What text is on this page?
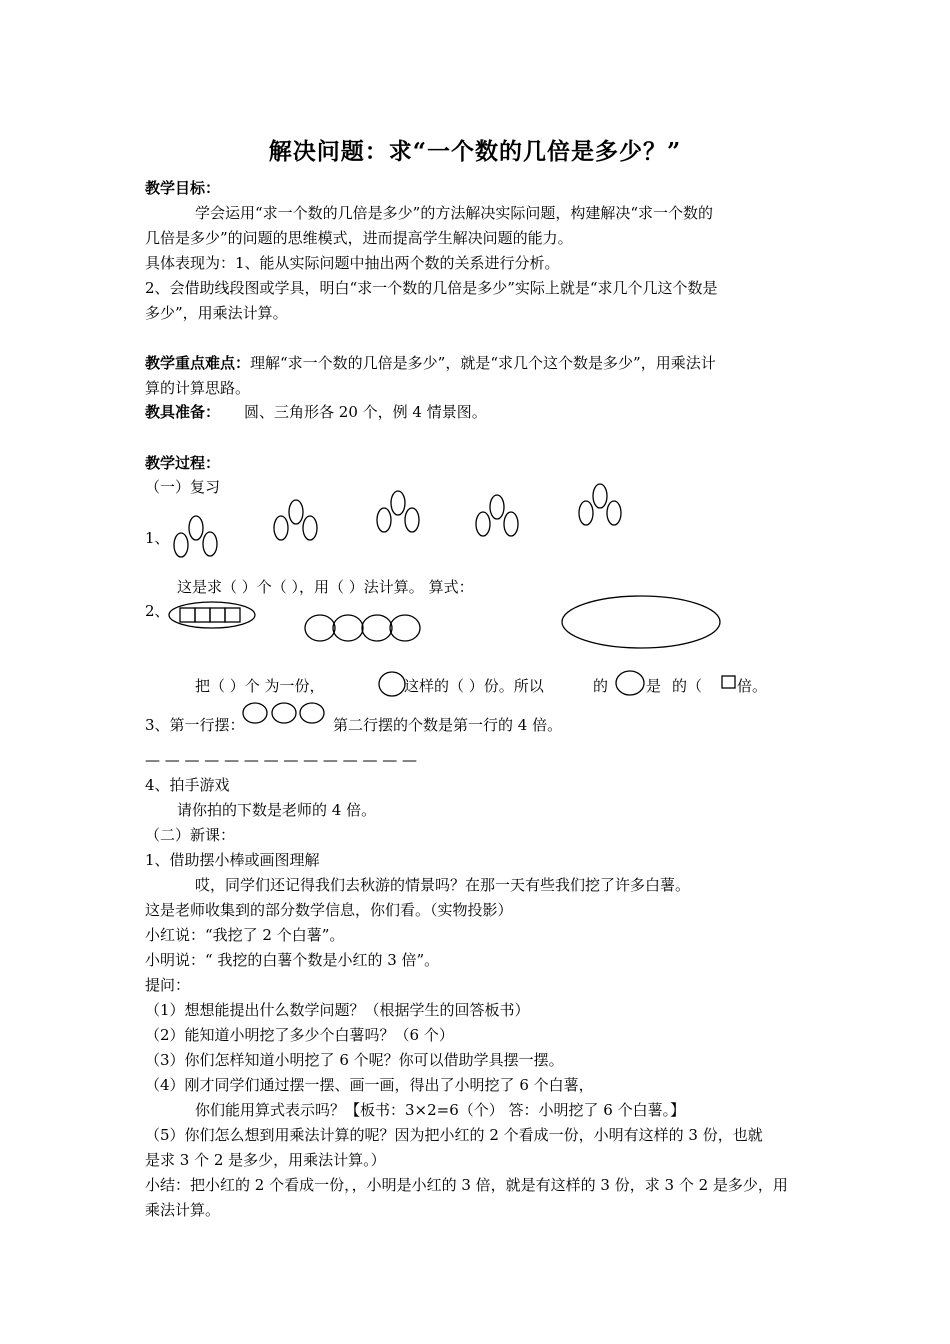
解决问题：求“一个数的几倍是多少？”
教学目标：
学会运用“求一个数的几倍是多少”的方法解决实际问题，构建解决“求一个数的
几倍是多少”的问题的思维模式，进而提高学生解决问题的能力。
具体表现为：1、能从实际问题中抽出两个数的关系进行分析。
2、会借助线段图或学具，明白“求一个数的几倍是多少”实际上就是“求几个几这个数是
多少”，用乘法计算。
教学重点难点：理解“求一个数的几倍是多少”，就是“求几个这个数是多少”，用乘法计
算的计算思路。
教具准备： 圆、三角形各 20 个，例 4 情景图。
教学过程：
（一）复习
1、
这是求（ ）个（ ），用（ ）法计算。 算式：
2、
把（ ）个 为一份，	这样的（ ）份。所以	的	是 的（ 倍。
3、第一行摆：	第二行摆的个数是第一行的 4 倍。
— — — — — — — — — — — — — —
4、拍手游戏
请你拍的下数是老师的 4 倍。
（二）新课：
1、借助摆小棒或画图理解
哎，同学们还记得我们去秋游的情景吗？在那一天有些我们挖了许多白薯。
这是老师收集到的部分数学信息，你们看。（实物投影）
小红说：“我挖了 2 个白薯”。
小明说：“ 我挖的白薯个数是小红的 3 倍”。
提问：
（1）想想能提出什么数学问题？（根据学生的回答板书）
（2）能知道小明挖了多少个白薯吗？（6 个）
（3）你们怎样知道小明挖了 6 个呢？你可以借助学具摆一摆。
（4）刚才同学们通过摆一摆、画一画，得出了小明挖了 6 个白薯，
你们能用算式表示吗？【板书：3×2=6（个） 答：小明挖了 6 个白薯。】
（5）你们怎么想到用乘法计算的呢？因为把小红的 2 个看成一份，小明有这样的 3 份，也就
是求 3 个 2 是多少，用乘法计算。）
小结：把小红的 2 个看成一份，，小明是小红的 3 倍，就是有这样的 3 份，求 3 个 2 是多少，用
乘法计算。
